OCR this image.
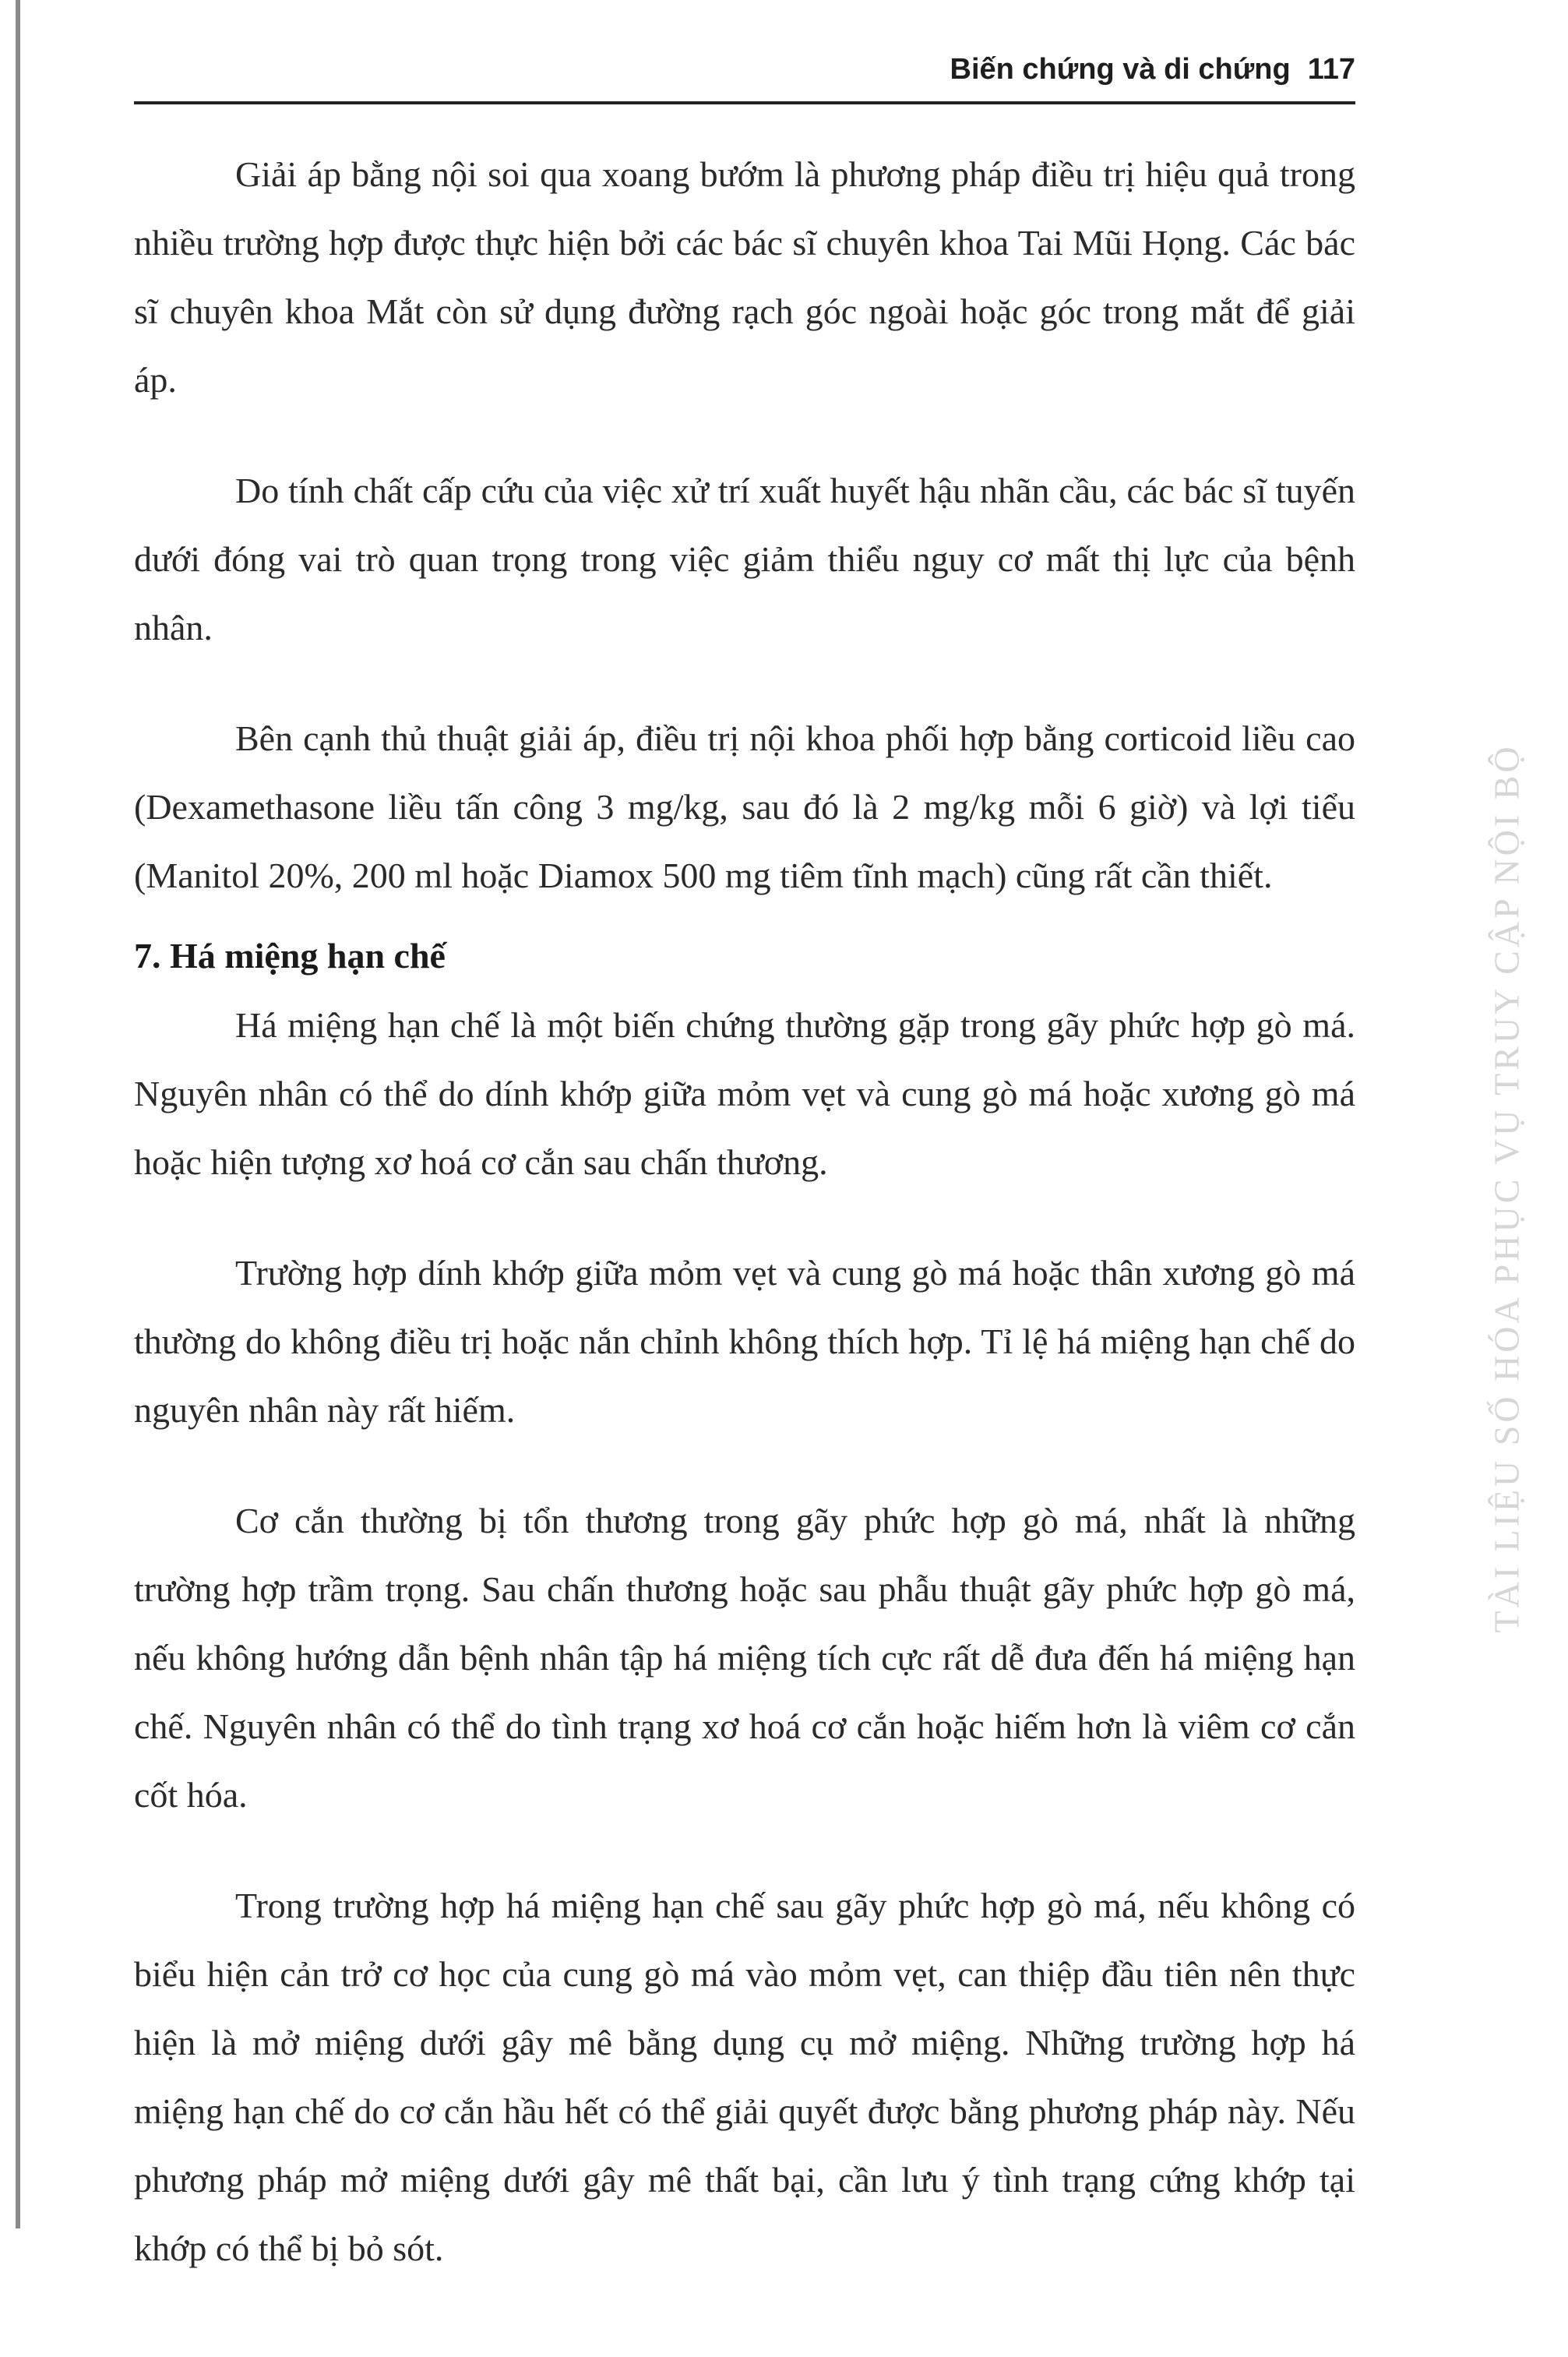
Biến chứng và di chứng 117

Giải áp bằng nội soi qua xoang bướm là phương pháp điều trị hiệu quả trong nhiều trường hợp được thực hiện bởi các bác sĩ chuyên khoa Tai Mũi Họng. Các bác sĩ chuyên khoa Mắt còn sử dụng đường rạch góc ngoài hoặc góc trong mắt để giải áp.

Do tính chất cấp cứu của việc xử trí xuất huyết hậu nhãn cầu, các bác sĩ tuyến dưới đóng vai trò quan trọng trong việc giảm thiểu nguy cơ mất thị lực của bệnh nhân.

Bên cạnh thủ thuật giải áp, điều trị nội khoa phối hợp bằng corticoid liều cao (Dexamethasone liều tấn công 3 mg/kg, sau đó là 2 mg/kg mỗi 6 giờ) và lợi tiểu (Manitol 20%, 200 ml hoặc Diamox 500 mg tiêm tĩnh mạch) cũng rất cần thiết.

7. Há miệng hạn chế

Há miệng hạn chế là một biến chứng thường gặp trong gãy phức hợp gò má. Nguyên nhân có thể do dính khớp giữa mỏm vẹt và cung gò má hoặc xương gò má hoặc hiện tượng xơ hoá cơ cắn sau chấn thương.

Trường hợp dính khớp giữa mỏm vẹt và cung gò má hoặc thân xương gò má thường do không điều trị hoặc nắn chỉnh không thích hợp. Tỉ lệ há miệng hạn chế do nguyên nhân này rất hiếm.

Cơ cắn thường bị tổn thương trong gãy phức hợp gò má, nhất là những trường hợp trầm trọng. Sau chấn thương hoặc sau phẫu thuật gãy phức hợp gò má, nếu không hướng dẫn bệnh nhân tập há miệng tích cực rất dễ đưa đến há miệng hạn chế. Nguyên nhân có thể do tình trạng xơ hoá cơ cắn hoặc hiếm hơn là viêm cơ cắn cốt hóa.

Trong trường hợp há miệng hạn chế sau gãy phức hợp gò má, nếu không có biểu hiện cản trở cơ học của cung gò má vào mỏm vẹt, can thiệp đầu tiên nên thực hiện là mở miệng dưới gây mê bằng dụng cụ mở miệng. Những trường hợp há miệng hạn chế do cơ cắn hầu hết có thể giải quyết được bằng phương pháp này. Nếu phương pháp mở miệng dưới gây mê thất bại, cần lưu ý tình trạng cứng khớp tại khớp có thể bị bỏ sót.

TÀI LIỆU SỐ HÓA PHỤC VỤ TRUY CẬP NỘI BỘ
